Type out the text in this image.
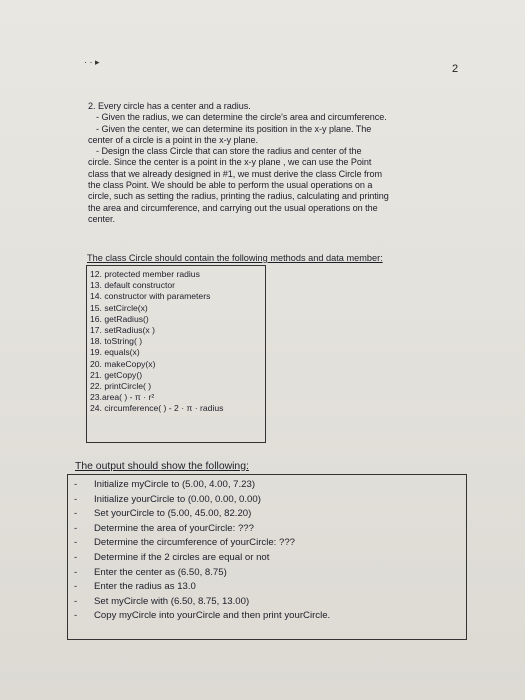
· · ▸
2
2. Every circle has a center and a radius.
- Given the radius, we can determine the circle's area and circumference.
- Given the center, we can determine its position in the x-y plane. The
center of a circle is a point in the x-y plane.
- Design the class Circle that can store the radius and center of the
circle. Since the center is a point in the x-y plane , we can use the Point
class that we already designed in #1, we must derive the class Circle from
the class Point. We should be able to perform the usual operations on a
circle, such as setting the radius, printing the radius, calculating and printing
the area and circumference, and carrying out the usual operations on the
center.
The class Circle should contain the following methods and data member:
12. protected member radius
13. default constructor
14. constructor with parameters
15. setCircle(x)
16. getRadius()
17. setRadius(x )
18. toString( )
19. equals(x)
20. makeCopy(x)
21. getCopy()
22. printCircle( )
23.area( ) - π · r²
24. circumference( ) - 2 · π · radius
The output should show the following:
- Initialize myCircle to (5.00, 4.00, 7.23)
- Initialize yourCircle to (0.00, 0.00, 0.00)
- Set yourCircle to (5.00, 45.00, 82.20)
- Determine the area of yourCircle: ???
- Determine the circumference of yourCircle: ???
- Determine if the 2 circles are equal or not
- Enter the center as (6.50, 8.75)
- Enter the radius as 13.0
- Set myCircle with (6.50, 8.75, 13.00)
- Copy myCircle into yourCircle and then print yourCircle.
